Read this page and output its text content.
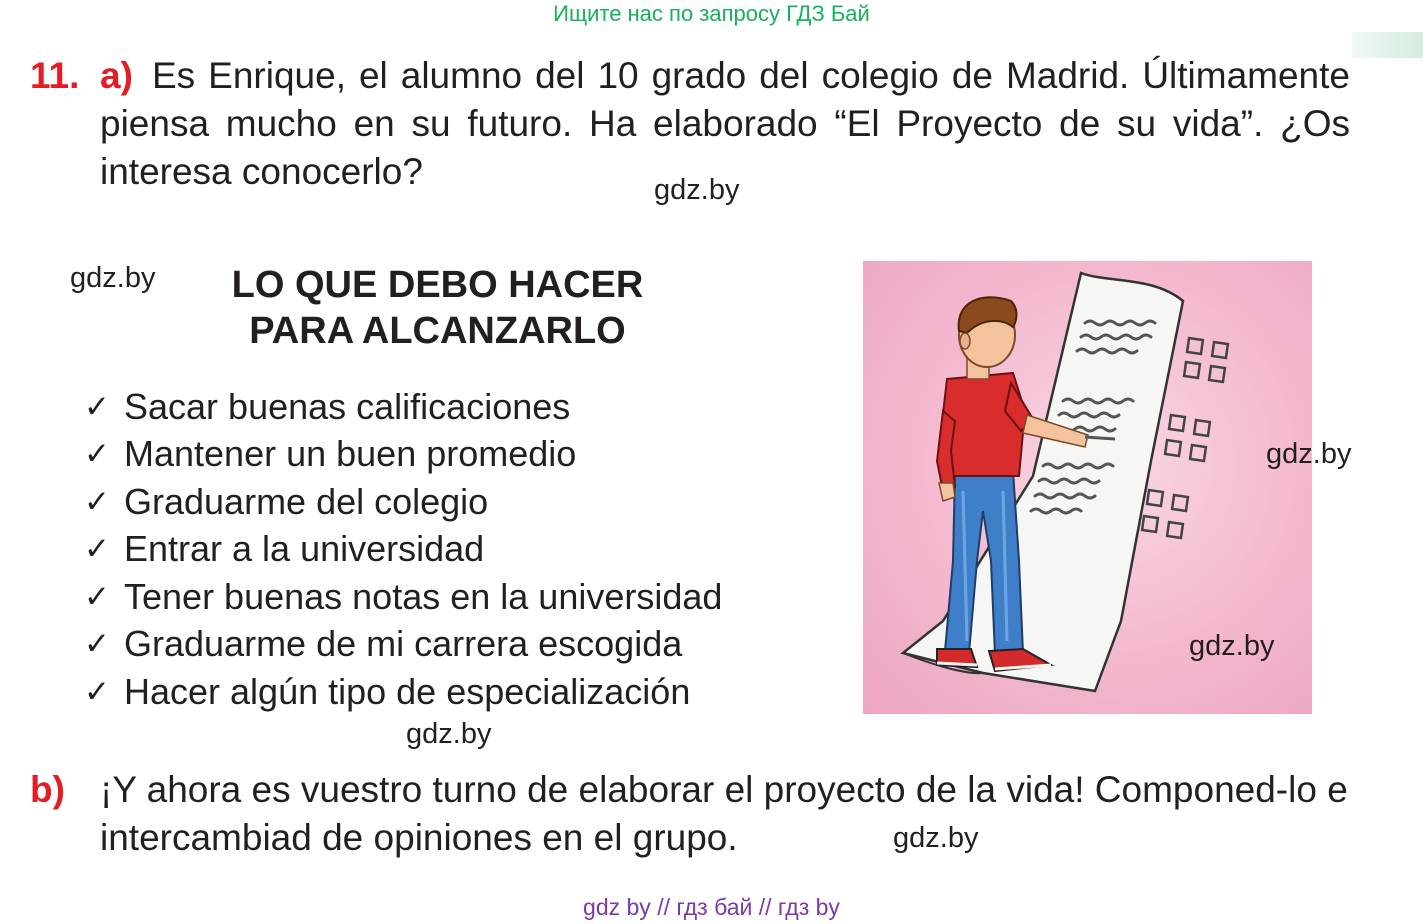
Ищите нас по запросу ГДЗ Бай

Es Enrique, el alumno del 10 grado del colegio de Madrid. Últimamente piensa mucho en su futuro. Ha elaborado “El Proyecto de su vida”. ¿Os interesa conocerlo?

11. a)
gdz.by
gdz.by	LO QUE DEBO HACER
PARA ALCANZARLO
✓ Sacar buenas calificaciones
✓ Mantener un buen promedio
✓ Graduarme del colegio
✓ Entrar a la universidad
✓ Tener buenas notas en la universidad
✓ Graduarme de mi carrera escogida
✓ Hacer algún tipo de especialización
gdz.by
gdz.by
gdz.by
b) ¡Y ahora es vuestro turno de elaborar el proyecto de la vida! Componed-lo e intercambiad de opiniones en el grupo.	gdz.by
gdz by // гдз бай // гдз by
